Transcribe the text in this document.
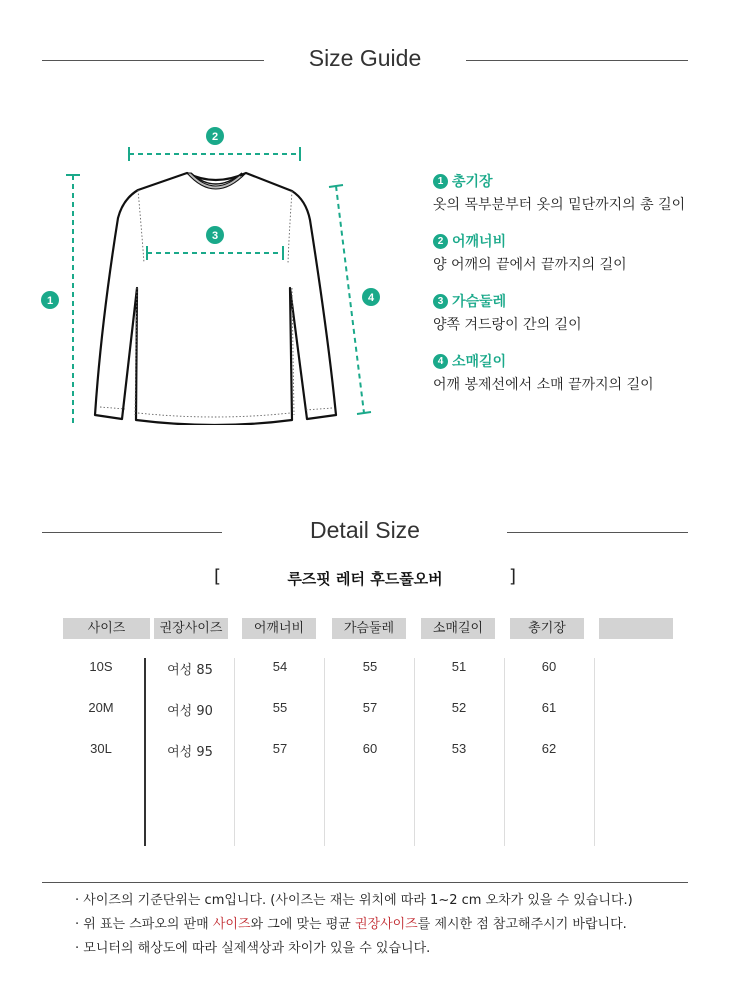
Size Guide
1
2
3
4
1 총기장
옷의 목부분부터 옷의 밑단까지의 총 길이
2 어깨너비
양 어깨의 끝에서 끝까지의 길이
3 가슴둘레
양쪽 겨드랑이 간의 길이
4 소매길이
어깨 봉제선에서 소매 끝까지의 길이
Detail Size
[	루즈핏 레터 후드풀오버	]
사이즈	권장사이즈	어깨너비	가슴둘레	소매길이	총기장
10S	여성 85	54	55	51	60
20M	여성 90	55	57	52	61
30L	여성 95	57	60	53	62
· 사이즈의 기준단위는 cm입니다. (사이즈는 재는 위치에 따라 1~2 cm 오차가 있을 수 있습니다.)
· 위 표는 스파오의 판매 사이즈와 그에 맞는 평균 권장사이즈를 제시한 점 참고해주시기 바랍니다.
· 모니터의 해상도에 따라 실제색상과 차이가 있을 수 있습니다.
